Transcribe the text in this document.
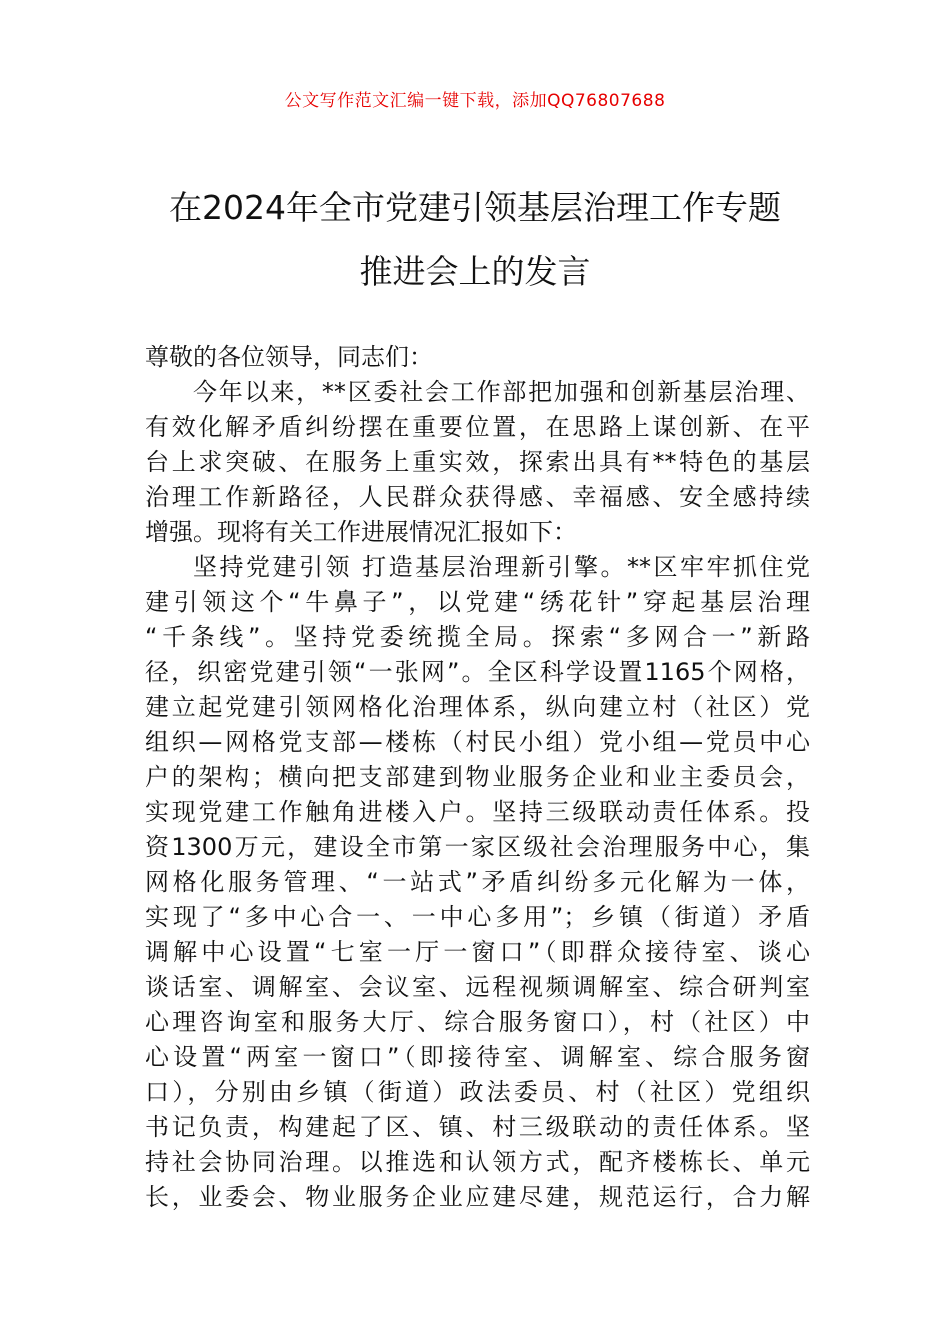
公文写作范文汇编一键下载，添加QQ76807688
在2024年全市党建引领基层治理工作专题
推进会上的发言
尊敬的各位领导，同志们：
今年以来，**区委社会工作部把加强和创新基层治理、
有效化解矛盾纠纷摆在重要位置，在思路上谋创新、在平
台上求突破、在服务上重实效，探索出具有**特色的基层
治理工作新路径，人民群众获得感、幸福感、安全感持续
增强。现将有关工作进展情况汇报如下：
坚持党建引领 打造基层治理新引擎。**区牢牢抓住党
建引领这个“牛鼻子”，以党建“绣花针”穿起基层治理
“千条线”。坚持党委统揽全局。探索“多网合一”新路
径，织密党建引领“一张网”。全区科学设置1165个网格，
建立起党建引领网格化治理体系，纵向建立村（社区）党
组织—网格党支部—楼栋（村民小组）党小组—党员中心
户的架构；横向把支部建到物业服务企业和业主委员会，
实现党建工作触角进楼入户。坚持三级联动责任体系。投
资1300万元，建设全市第一家区级社会治理服务中心，集
网格化服务管理、“一站式”矛盾纠纷多元化解为一体，
实现了“多中心合一、一中心多用”；乡镇（街道）矛盾
调解中心设置“七室一厅一窗口”（即群众接待室、谈心
谈话室、调解室、会议室、远程视频调解室、综合研判室
心理咨询室和服务大厅、综合服务窗口），村（社区）中
心设置“两室一窗口”（即接待室、调解室、综合服务窗
口），分别由乡镇（街道）政法委员、村（社区）党组织
书记负责，构建起了区、镇、村三级联动的责任体系。坚
持社会协同治理。以推选和认领方式，配齐楼栋长、单元
长，业委会、物业服务企业应建尽建，规范运行，合力解
